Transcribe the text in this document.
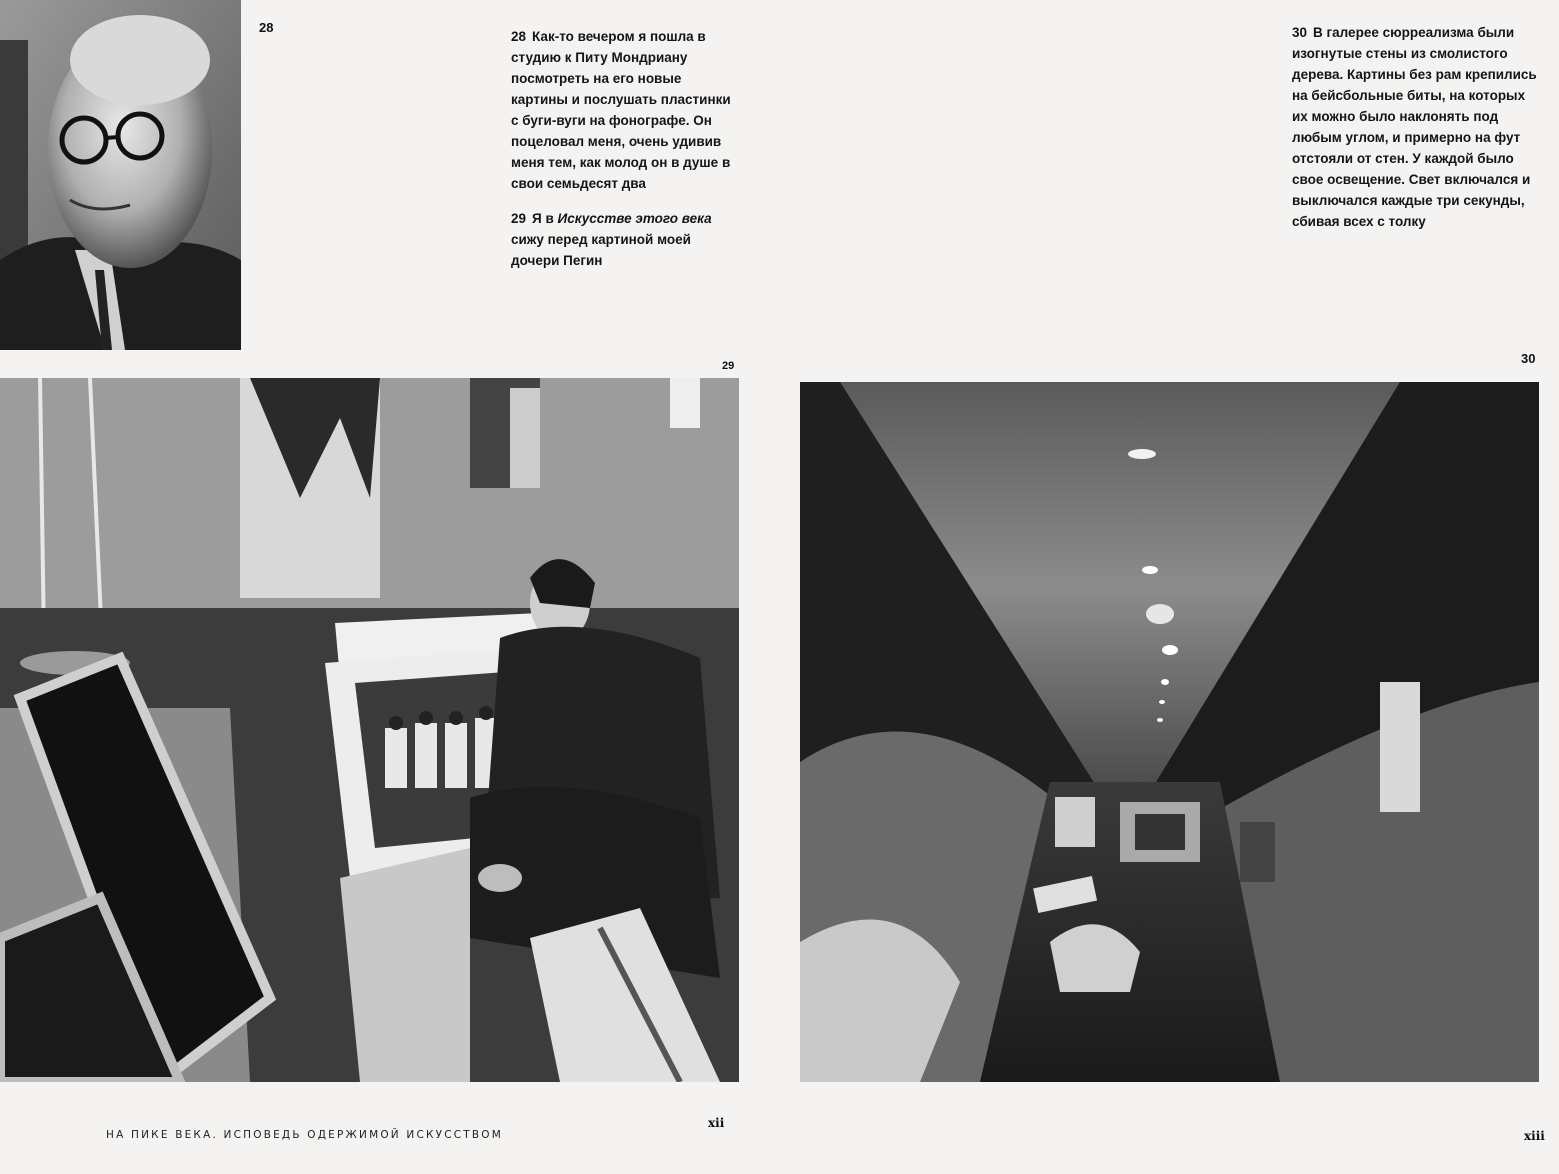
28

28 Как-то вечером я пошла в студию к Питу Мондриану посмотреть на его новые картины и послушать пластинки с буги-вуги на фонографе. Он поцеловал меня, очень удивив меня тем, как молод он в душе в свои семьдесят два

29 Я в Искусстве этого века сижу перед картиной моей дочери Пегин

30 В галерее сюрреализма были изогнутые стены из смолистого дерева. Картины без рам крепились на бейсбольные биты, на которых их можно было наклонять под любым углом, и примерно на фут отстояли от стен. У каждой было свое освещение. Свет включался и выключался каждые три секунды, сбивая всех с толку

29	30
НА ПИКЕ ВЕКА. ИСПОВЕДЬ ОДЕРЖИМОЙ ИСКУССТВОМ
xii
xiii
